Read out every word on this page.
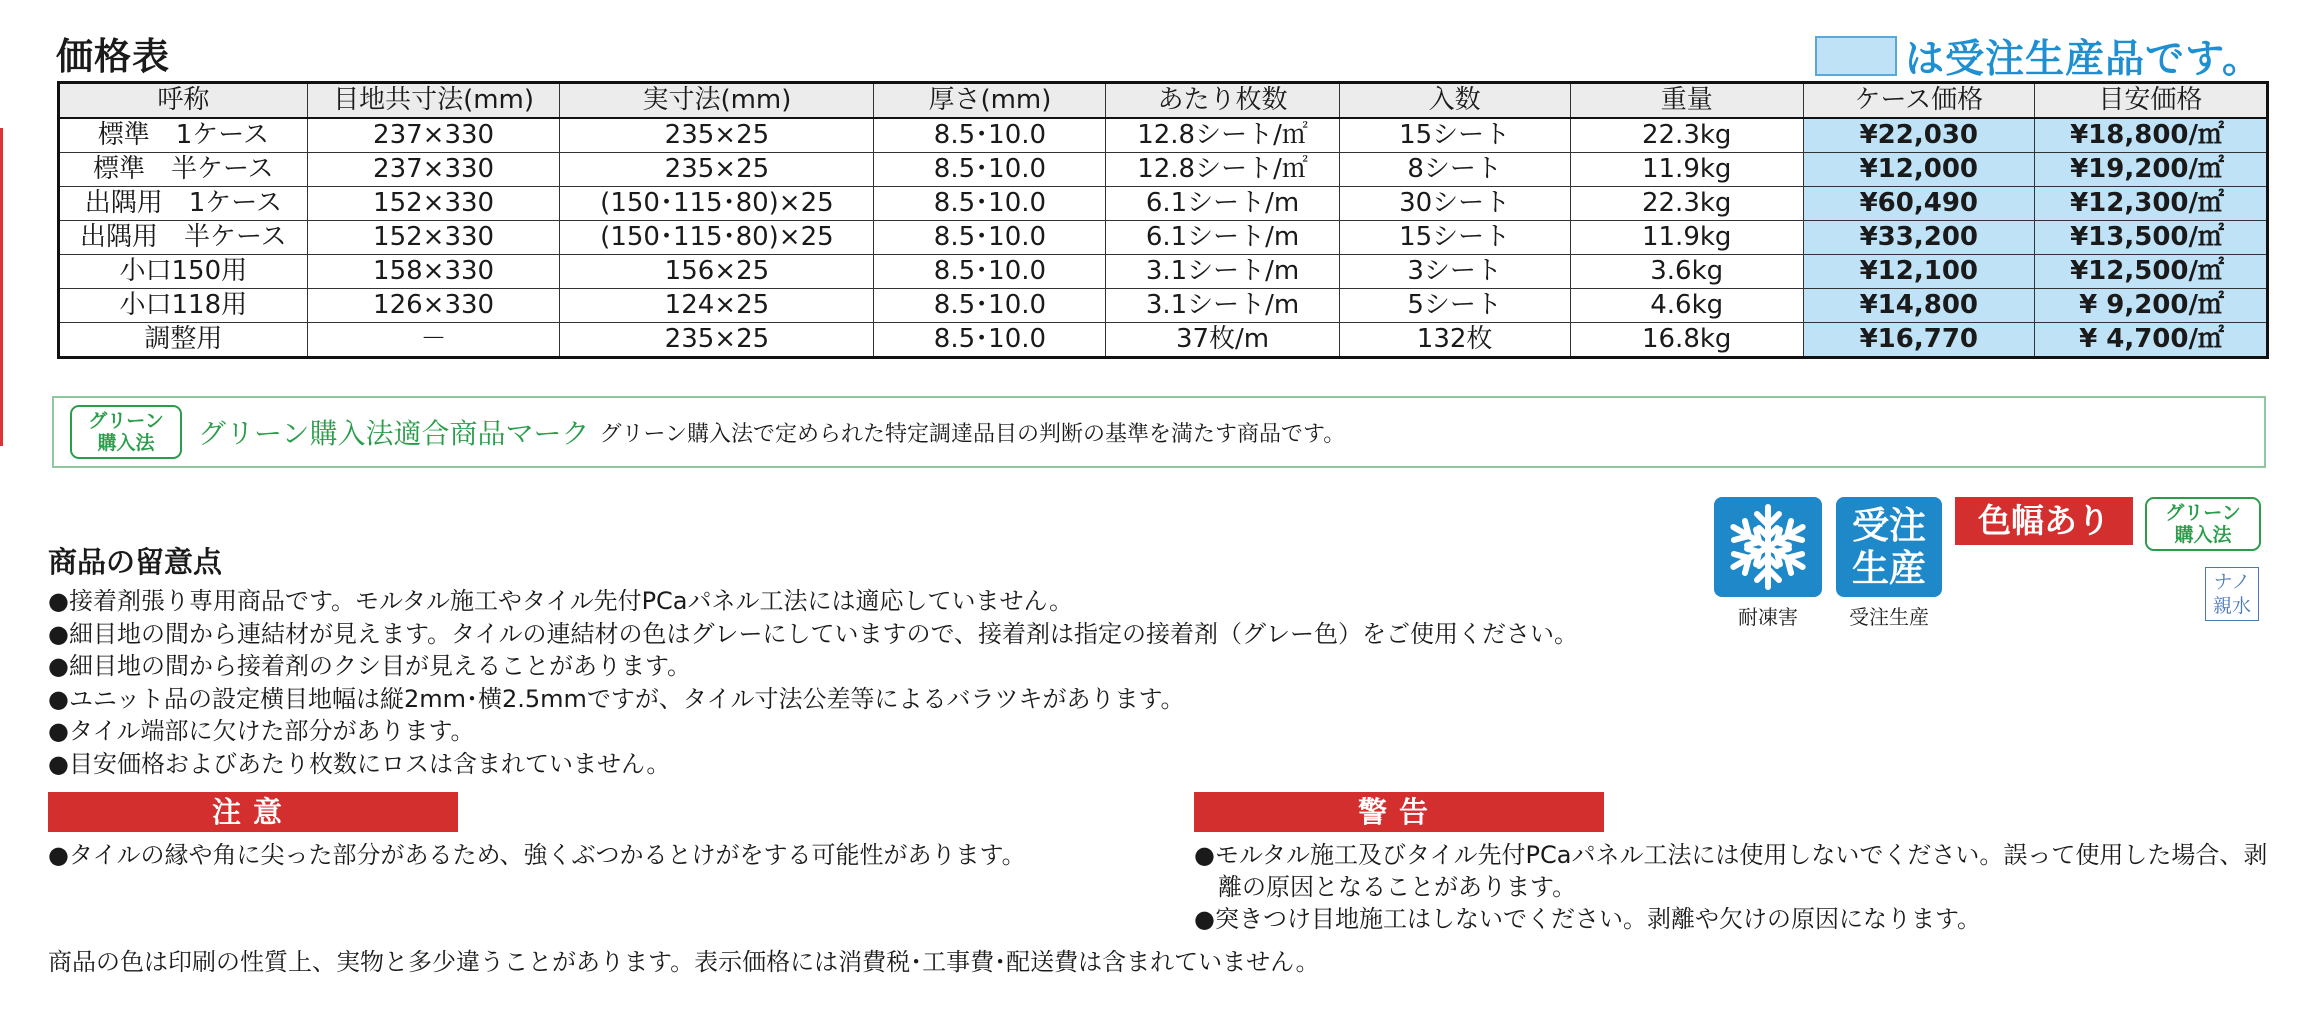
価格表	は受注生産品です。
呼称	目地共寸法(mm)	実寸法(mm)	厚さ(mm)	あたり枚数	入数	重量	ケース価格	目安価格
標準　1ケース	237×330	235×25	8.5･10.0	12.8シート/㎡	15シート	22.3kg	¥22,030	¥18,800/㎡
標準　半ケース	237×330	235×25	8.5･10.0	12.8シート/㎡	8シート	11.9kg	¥12,000	¥19,200/㎡
出隅用　1ケース	152×330	(150･115･80)×25	8.5･10.0	6.1シート/m	30シート	22.3kg	¥60,490	¥12,300/㎡
出隅用　半ケース	152×330	(150･115･80)×25	8.5･10.0	6.1シート/m	15シート	11.9kg	¥33,200	¥13,500/㎡
小口150用	158×330	156×25	8.5･10.0	3.1シート/m	3シート	3.6kg	¥12,100	¥12,500/㎡
小口118用	126×330	124×25	8.5･10.0	3.1シート/m	5シート	4.6kg	¥14,800	¥ 9,200/㎡
調整用	－	235×25	8.5･10.0	37枚/m	132枚	16.8kg	¥16,770	¥ 4,700/㎡
グリーン
購入法	グリーン購入法適合商品マーク グリーン購入法で定められた特定調達品目の判断の基準を満たす商品です。
耐凍害
受注
生産
受注生産
色幅あり	グリーン
購入法
ナノ
親水
商品の留意点
●接着剤張り専用商品です。モルタル施工やタイル先付PCaパネル工法には適応していません。
●細目地の間から連結材が見えます。タイルの連結材の色はグレーにしていますので、接着剤は指定の接着剤（グレー色）をご使用ください。
●細目地の間から接着剤のクシ目が見えることがあります。
●ユニット品の設定横目地幅は縦2mm･横2.5mmですが、タイル寸法公差等によるバラツキがあります。
●タイル端部に欠けた部分があります。
●目安価格およびあたり枚数にロスは含まれていません。
注意
●タイルの縁や角に尖った部分があるため、強くぶつかるとけがをする可能性があります。
警告
●モルタル施工及びタイル先付PCaパネル工法には使用しないでください。誤って使用した場合、剥離の原因となることがあります。
●突きつけ目地施工はしないでください。剥離や欠けの原因になります。
商品の色は印刷の性質上、実物と多少違うことがあります。表示価格には消費税･工事費･配送費は含まれていません。
